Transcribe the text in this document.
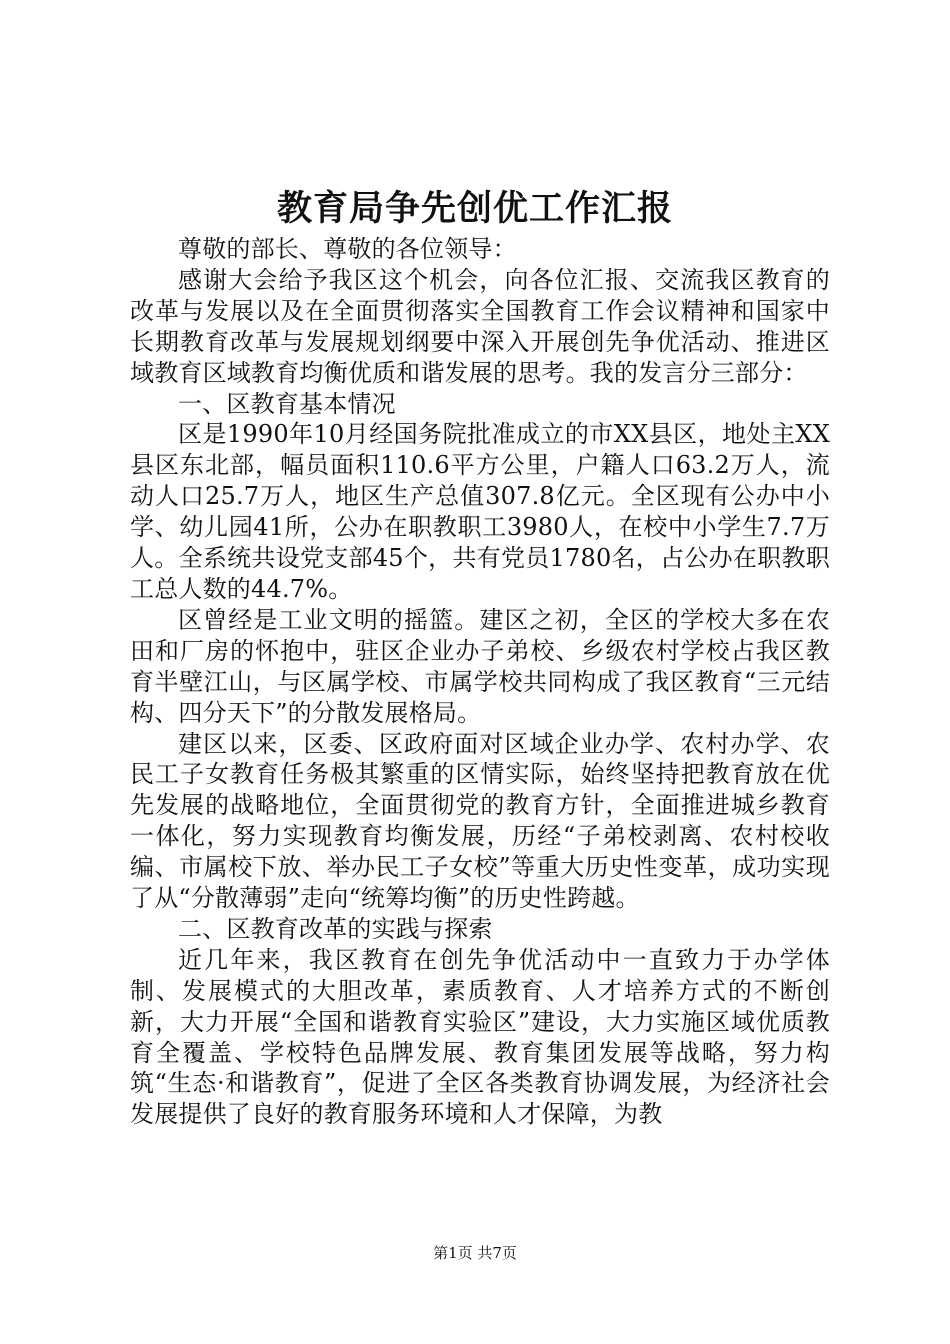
教育局争先创优工作汇报

尊敬的部长、尊敬的各位领导：

感谢大会给予我区这个机会，向各位汇报、交流我区教育的改革与发展以及在全面贯彻落实全国教育工作会议精神和国家中长期教育改革与发展规划纲要中深入开展创先争优活动、推进区域教育区域教育均衡优质和谐发展的思考。我的发言分三部分：

一、区教育基本情况

区是1990年10月经国务院批准成立的市XX县区，地处主XX县区东北部，幅员面积110.6平方公里，户籍人口63.2万人，流动人口25.7万人，地区生产总值307.8亿元。全区现有公办中小学、幼儿园41所，公办在职教职工3980人，在校中小学生7.7万人。全系统共设党支部45个，共有党员1780名，占公办在职教职工总人数的44.7%。

区曾经是工业文明的摇篮。建区之初，全区的学校大多在农田和厂房的怀抱中，驻区企业办子弟校、乡级农村学校占我区教育半壁江山，与区属学校、市属学校共同构成了我区教育“三元结构、四分天下”的分散发展格局。

建区以来，区委、区政府面对区域企业办学、农村办学、农民工子女教育任务极其繁重的区情实际，始终坚持把教育放在优先发展的战略地位，全面贯彻党的教育方针，全面推进城乡教育一体化，努力实现教育均衡发展，历经“子弟校剥离、农村校收编、市属校下放、举办民工子女校”等重大历史性变革，成功实现了从“分散薄弱”走向“统筹均衡”的历史性跨越。

二、区教育改革的实践与探索

近几年来，我区教育在创先争优活动中一直致力于办学体制、发展模式的大胆改革，素质教育、人才培养方式的不断创新，大力开展“全国和谐教育实验区”建设，大力实施区域优质教育全覆盖、学校特色品牌发展、教育集团发展等战略，努力构筑“生态·和谐教育”，促进了全区各类教育协调发展，为经济社会发展提供了良好的教育服务环境和人才保障，为教

第1页 共7页
